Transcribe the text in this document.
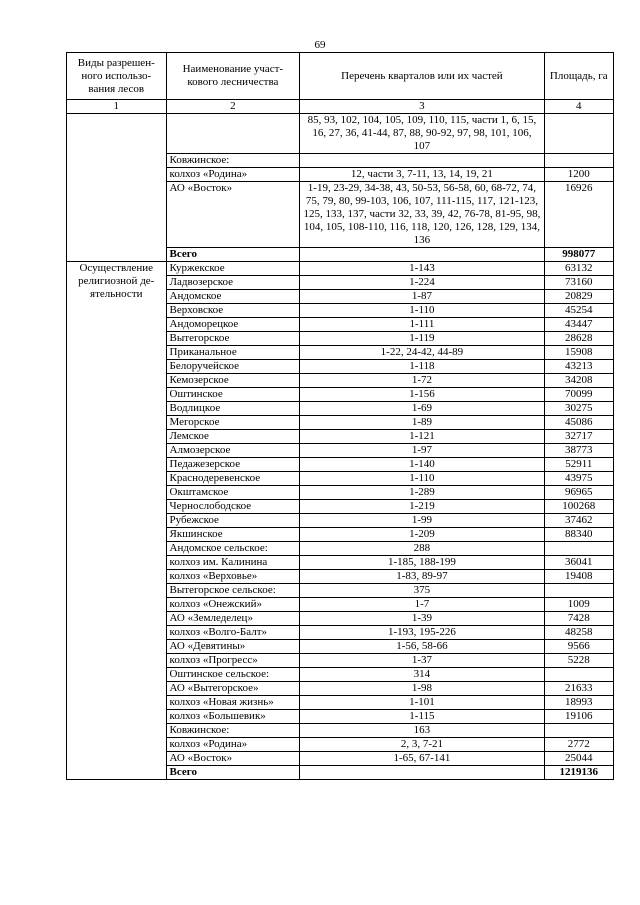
69
Виды разрешен-ного использо-вания лесов	Наименование участ-кового лесничества	Перечень кварталов или их частей	Площадь, га
1	2	3	4
		85, 93, 102, 104, 105, 109, 110, 115, части 1, 6, 15, 16, 27, 36, 41-44, 87, 88, 90-92, 97, 98, 101, 106, 107	
	Ковжинское:		
	колхоз «Родина»	12, части 3, 7-11, 13, 14, 19, 21	1200
	АО «Восток»	1-19, 23-29, 34-38, 43, 50-53, 56-58, 60, 68-72, 74, 75, 79, 80, 99-103, 106, 107, 111-115, 117, 121-123, 125, 133, 137, части 32, 33, 39, 42, 76-78, 81-95, 98, 104, 105, 108-110, 116, 118, 120, 126, 128, 129, 134, 136	16926
	Всего		998077
Осуществление религиозной де-ятельности	Куржекское	1-143	63132
	Ладвозерское	1-224	73160
	Андомское	1-87	20829
	Верховское	1-110	45254
	Андоморецкое	1-111	43447
	Вытегорское	1-119	28628
	Приканальное	1-22, 24-42, 44-89	15908
	Белоручейское	1-118	43213
	Кемозерское	1-72	34208
	Оштинское	1-156	70099
	Водлицкое	1-69	30275
	Мегорское	1-89	45086
	Лемское	1-121	32717
	Алмозерское	1-97	38773
	Педажезерское	1-140	52911
	Краснодеревенское	1-110	43975
	Окштамское	1-289	96965
	Чернослободское	1-219	100268
	Рубежское	1-99	37462
	Якшинское	1-209	88340
	Андомское сельское:	288	
	колхоз им. Калинина	1-185, 188-199	36041
	колхоз «Верховье»	1-83, 89-97	19408
	Вытегорское сельское:	375	
	колхоз «Онежский»	1-7	1009
	АО «Земледелец»	1-39	7428
	колхоз «Волго-Балт»	1-193, 195-226	48258
	АО «Девятины»	1-56, 58-66	9566
	колхоз «Прогресс»	1-37	5228
	Оштинское сельское:	314	
	АО «Вытегорское»	1-98	21633
	колхоз «Новая жизнь»	1-101	18993
	колхоз «Большевик»	1-115	19106
	Ковжинское:	163	
	колхоз «Родина»	2, 3, 7-21	2772
	АО «Восток»	1-65, 67-141	25044
	Всего		1219136
